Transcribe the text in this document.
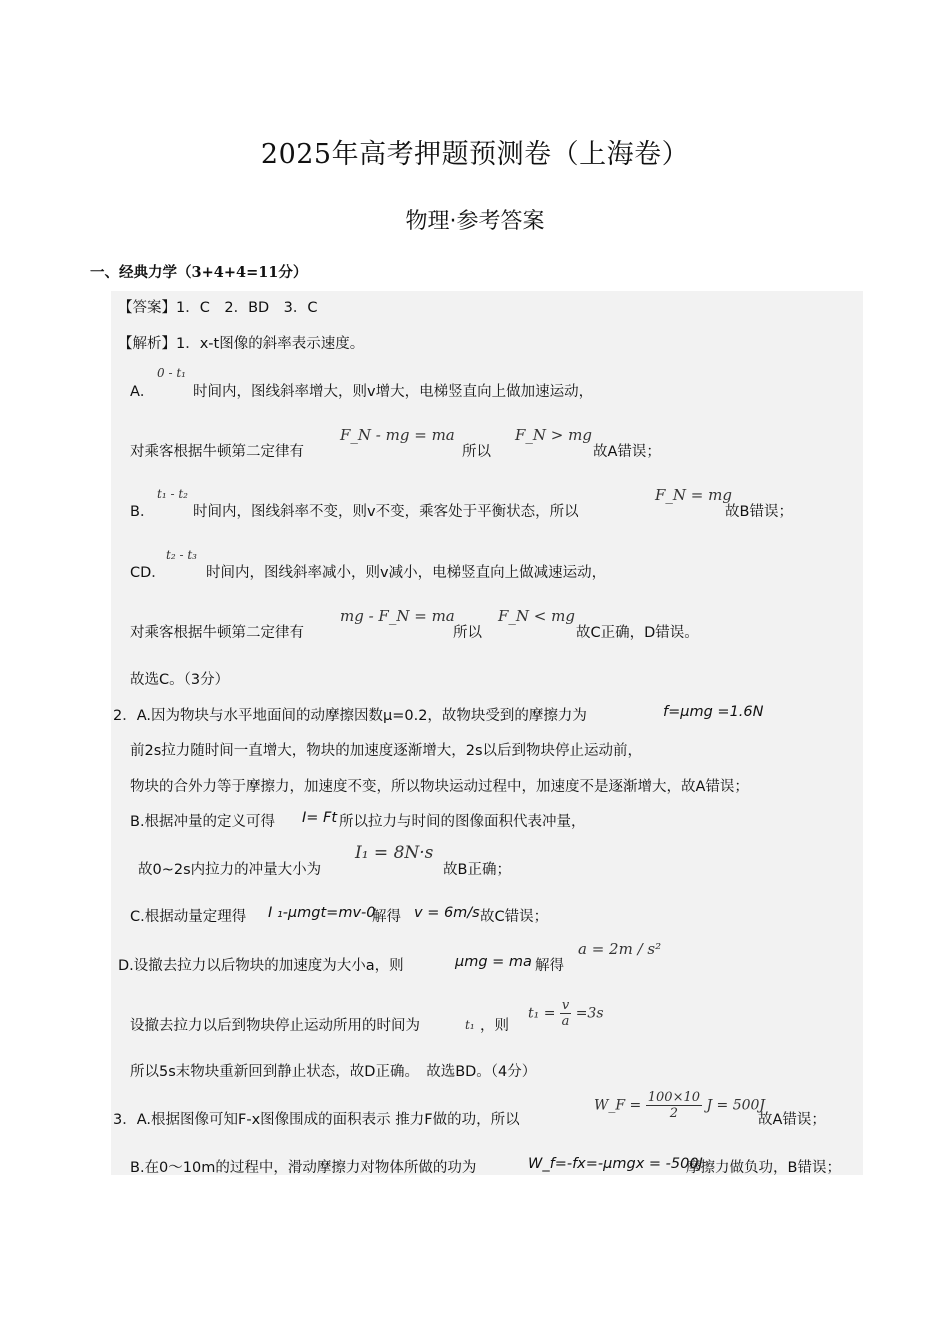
2025年高考押题预测卷（上海卷）
物理·参考答案
一、经典力学（3+4+4=11分）
【答案】1．C　2．BD　3．C
【解析】1．x-t图像的斜率表示速度。
A．
0 - t₁
时间内，图线斜率增大，则v增大，电梯竖直向上做加速运动，
对乘客根据牛顿第二定律有
F_N - mg = ma
所以
F_N > mg
故A错误；
B．
t₁ - t₂
时间内，图线斜率不变，则v不变，乘客处于平衡状态，所以
F_N = mg
故B错误；
CD．
t₂ - t₃
时间内，图线斜率减小，则v减小，电梯竖直向上做减速运动，
对乘客根据牛顿第二定律有
mg - F_N = ma
所以
F_N < mg
故C正确，D错误。
故选C。（3分）
2．A.因为物块与水平地面间的动摩擦因数μ=0.2，故物块受到的摩擦力为	f=μmg =1.6N
前2s拉力随时间一直增大，物块的加速度逐渐增大，2s以后到物块停止运动前，
物块的合外力等于摩擦力，加速度不变，所以物块运动过程中，加速度不是逐渐增大，故A错误；
B.根据冲量的定义可得 I= Ft 所以拉力与时间的图像面积代表冲量，
故0~2s内拉力的冲量大小为
I₁ = 8N·s
故B正确；
C.根据动量定理得 I ₁-μmgt=mv-0
解得 v = 6m/s 故C错误；
D.设撤去拉力以后物块的加速度为大小a，则	μmg = ma 解得
a = 2m / s²
设撤去拉力以后到物块停止运动所用的时间为	t₁ ，则
$t_1 = \frac{v}{a} =3s$
所以5s末物块重新回到静止状态，故D正确。　故选BD。（4分）
3．A.根据图像可知F-x图像围成的面积表示 推力F做的功，所以
W_F = $\frac{100\times 10}{2}$ J = 500J
故A错误；
B.在0～10m的过程中，滑动摩擦力对物体所做的功为	W_f=-fx=-μmgx = -500J
摩擦力做负功，B错误；
